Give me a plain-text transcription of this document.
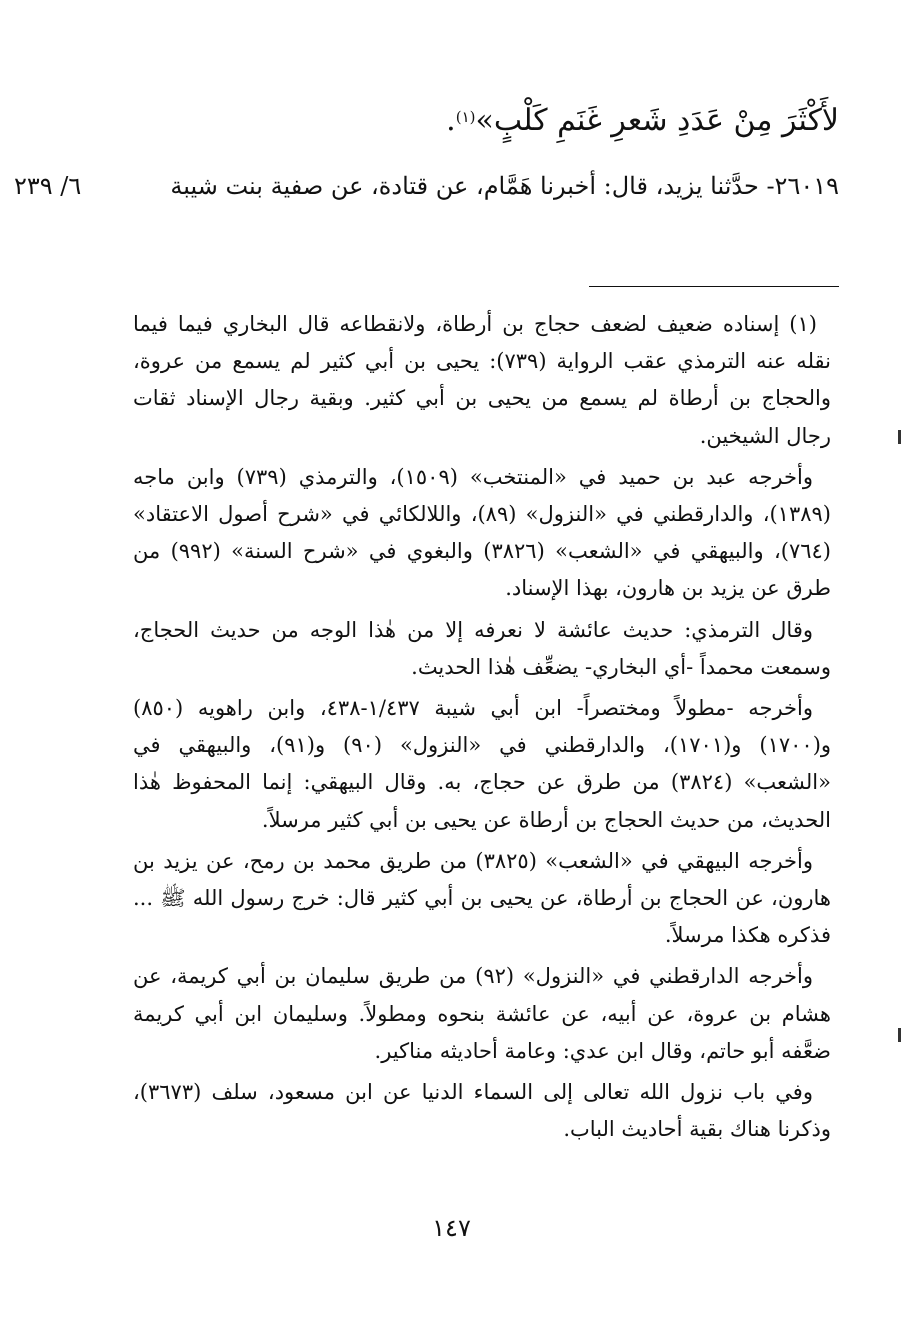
لأَكْثَرَ مِنْ عَدَدِ شَعرِ غَنَمِ كَلْبٍ»$^{(١)}$.
٢٦٠١٩- حدَّثنا يزيد، قال: أخبرنا هَمَّام، عن قتادة، عن صفية بنت شيبة
٦/ ٢٣٩

(١) إسناده ضعيف لضعف حجاج بن أرطاة، ولانقطاعه قال البخاري فيما فيما نقله عنه الترمذي عقب الرواية (٧٣٩): يحيى بن أبي كثير لم يسمع من عروة، والحجاج بن أرطاة لم يسمع من يحيى بن أبي كثير. وبقية رجال الإسناد ثقات رجال الشيخين.

وأخرجه عبد بن حميد في «المنتخب» (١٥٠٩)، والترمذي (٧٣٩) وابن ماجه (١٣٨٩)، والدارقطني في «النزول» (٨٩)، واللالكائي في «شرح أصول الاعتقاد» (٧٦٤)، والبيهقي في «الشعب» (٣٨٢٦) والبغوي في «شرح السنة» (٩٩٢) من طرق عن يزيد بن هارون، بهذا الإسناد.

وقال الترمذي: حديث عائشة لا نعرفه إلا من هٰذا الوجه من حديث الحجاج، وسمعت محمداً -أي البخاري- يضعِّف هٰذا الحديث.

وأخرجه -مطولاً ومختصراً- ابن أبي شيبة ١/٤٣٧-٤٣٨، وابن راهويه (٨٥٠) و(١٧٠٠) و(١٧٠١)، والدارقطني في «النزول» (٩٠) و(٩١)، والبيهقي في «الشعب» (٣٨٢٤) من طرق عن حجاج، به. وقال البيهقي: إنما المحفوظ هٰذا الحديث، من حديث الحجاج بن أرطاة عن يحيى بن أبي كثير مرسلاً.

وأخرجه البيهقي في «الشعب» (٣٨٢٥) من طريق محمد بن رمح، عن يزيد بن هارون، عن الحجاج بن أرطاة، عن يحيى بن أبي كثير قال: خرج رسول الله ﷺ ... فذكره هكذا مرسلاً.

وأخرجه الدارقطني في «النزول» (٩٢) من طريق سليمان بن أبي كريمة، عن هشام بن عروة، عن أبيه، عن عائشة بنحوه ومطولاً. وسليمان ابن أبي كريمة ضعَّفه أبو حاتم، وقال ابن عدي: وعامة أحاديثه مناكير.

وفي باب نزول الله تعالى إلى السماء الدنيا عن ابن مسعود، سلف (٣٦٧٣)، وذكرنا هناك بقية أحاديث الباب.

١٤٧
